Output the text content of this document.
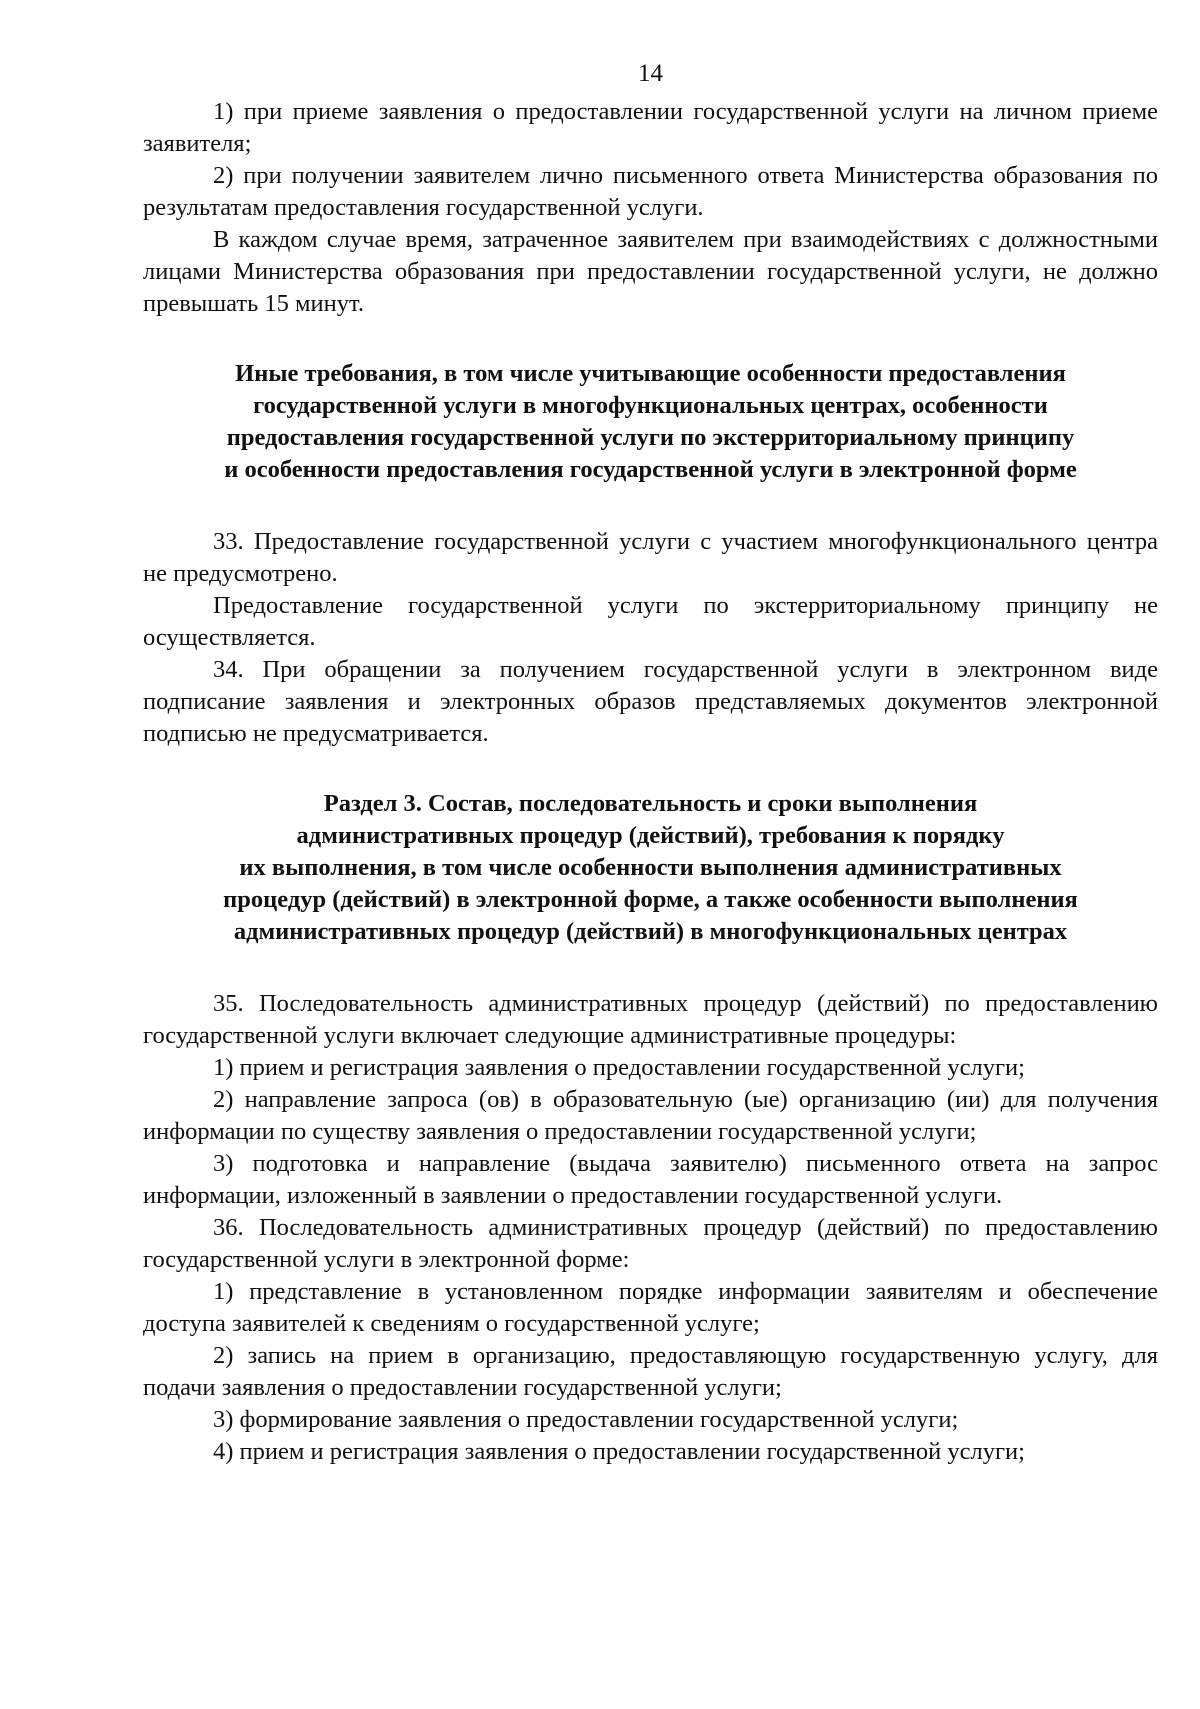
14

1) при приеме заявления о предоставлении государственной услуги на личном приеме заявителя;

2) при получении заявителем лично письменного ответа Министерства образования по результатам предоставления государственной услуги.

В каждом случае время, затраченное заявителем при взаимодействиях с должностными лицами Министерства образования при предоставлении государственной услуги, не должно превышать 15 минут.

Иные требования, в том числе учитывающие особенности предоставления
государственной услуги в многофункциональных центрах, особенности
предоставления государственной услуги по экстерриториальному принципу
и особенности предоставления государственной услуги в электронной форме

33. Предоставление государственной услуги с участием многофункционального центра не предусмотрено.

Предоставление государственной услуги по экстерриториальному принципу не осуществляется.

34. При обращении за получением государственной услуги в электронном виде подписание заявления и электронных образов представляемых документов электронной подписью не предусматривается.

Раздел 3. Состав, последовательность и сроки выполнения
административных процедур (действий), требования к порядку
их выполнения, в том числе особенности выполнения административных
процедур (действий) в электронной форме, а также особенности выполнения
административных процедур (действий) в многофункциональных центрах

35. Последовательность административных процедур (действий) по предоставлению государственной услуги включает следующие административные процедуры:

1) прием и регистрация заявления о предоставлении государственной услуги;

2) направление запроса (ов) в образовательную (ые) организацию (ии) для получения информации по существу заявления о предоставлении государственной услуги;

3) подготовка и направление (выдача заявителю) письменного ответа на запрос информации, изложенный в заявлении о предоставлении государственной услуги.

36. Последовательность административных процедур (действий) по предоставлению государственной услуги в электронной форме:

1) представление в установленном порядке информации заявителям и обеспечение доступа заявителей к сведениям о государственной услуге;

2) запись на прием в организацию, предоставляющую государственную услугу, для подачи заявления о предоставлении государственной услуги;

3) формирование заявления о предоставлении государственной услуги;

4) прием и регистрация заявления о предоставлении государственной услуги;
